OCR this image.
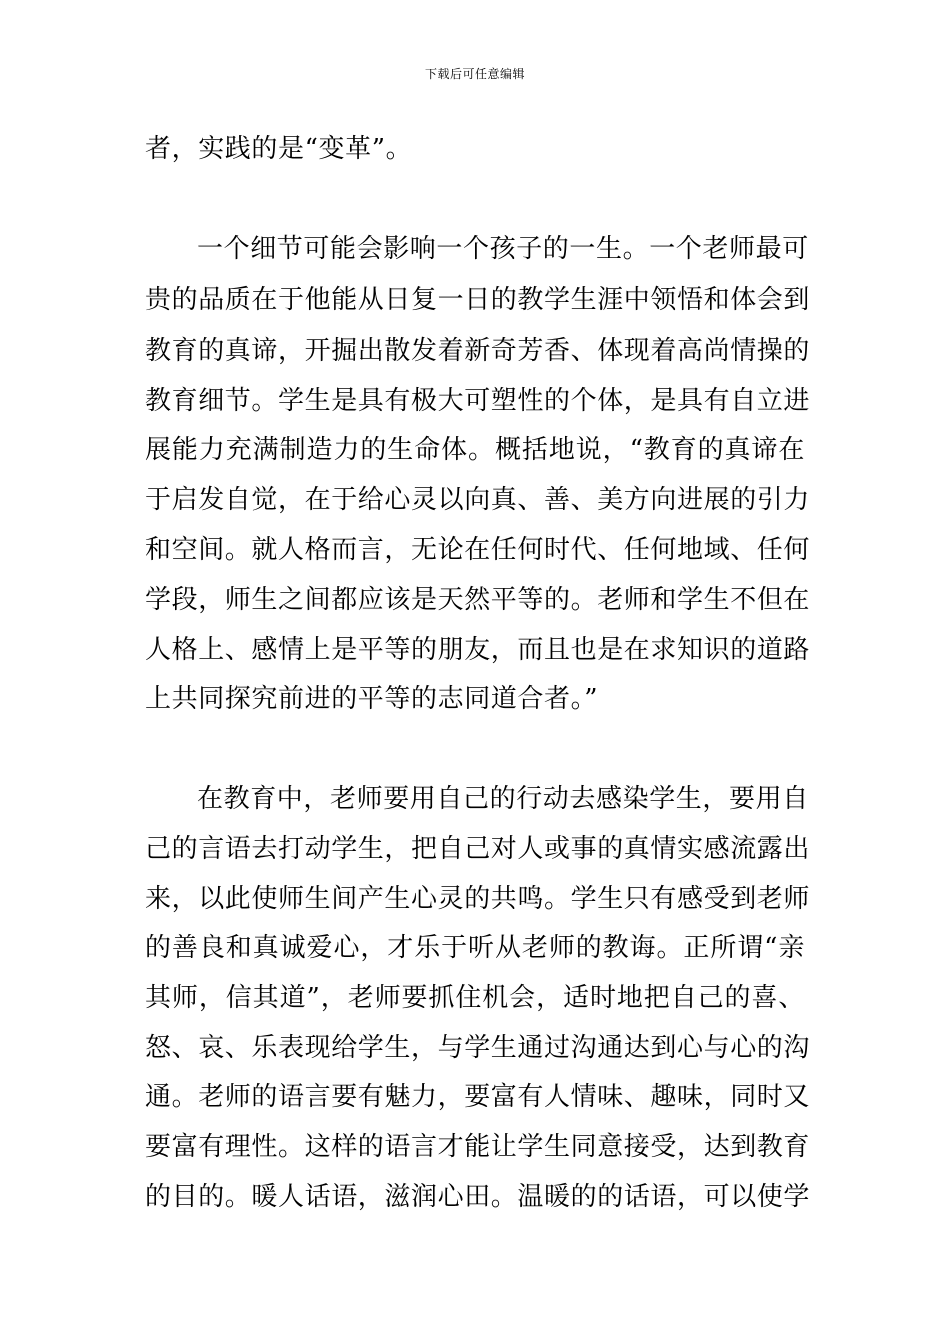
下载后可任意编辑
者，实践的是“变革”。
一个细节可能会影响一个孩子的一生。一个老师最可
贵的品质在于他能从日复一日的教学生涯中领悟和体会到
教育的真谛，开掘出散发着新奇芳香、体现着高尚情操的
教育细节。学生是具有极大可塑性的个体，是具有自立进
展能力充满制造力的生命体。概括地说，“教育的真谛在
于启发自觉，在于给心灵以向真、善、美方向进展的引力
和空间。就人格而言，无论在任何时代、任何地域、任何
学段，师生之间都应该是天然平等的。老师和学生不但在
人格上、感情上是平等的朋友，而且也是在求知识的道路
上共同探究前进的平等的志同道合者。”
在教育中，老师要用自己的行动去感染学生，要用自
己的言语去打动学生，把自己对人或事的真情实感流露出
来，以此使师生间产生心灵的共鸣。学生只有感受到老师
的善良和真诚爱心，才乐于听从老师的教诲。正所谓“亲
其师，信其道”，老师要抓住机会，适时地把自己的喜、
怒、哀、乐表现给学生，与学生通过沟通达到心与心的沟
通。老师的语言要有魅力，要富有人情味、趣味，同时又
要富有理性。这样的语言才能让学生同意接受，达到教育
的目的。暖人话语，滋润心田。温暖的的话语，可以使学
